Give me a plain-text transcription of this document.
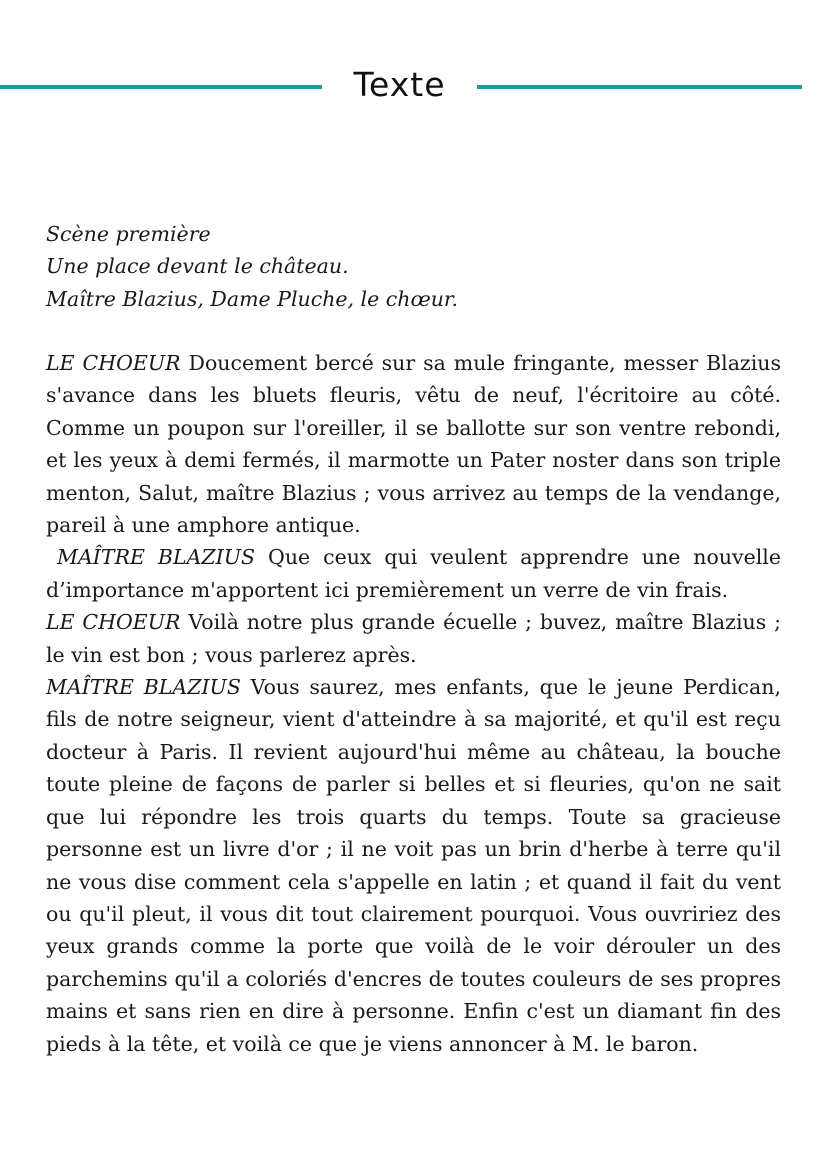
Texte
Scène première
Une place devant le château.
Maître Blazius, Dame Pluche, le chœur.

LE CHOEUR Doucement bercé sur sa mule fringante, messer Blazius s'avance dans les bluets fleuris, vêtu de neuf, l'écritoire au côté. Comme un poupon sur l'oreiller, il se ballotte sur son ventre rebondi, et les yeux à demi fermés, il marmotte un Pater noster dans son triple menton, Salut, maître Blazius ; vous arrivez au temps de la vendange, pareil à une amphore antique.

MAÎTRE BLAZIUS Que ceux qui veulent apprendre une nouvelle d’importance m'apportent ici premièrement un verre de vin frais.

LE CHOEUR Voilà notre plus grande écuelle ; buvez, maître Blazius ; le vin est bon ; vous parlerez après.

MAÎTRE BLAZIUS Vous saurez, mes enfants, que le jeune Perdican, fils de notre seigneur, vient d'atteindre à sa majorité, et qu'il est reçu docteur à Paris. Il revient aujourd'hui même au château, la bouche toute pleine de façons de parler si belles et si fleuries, qu'on ne sait que lui répondre les trois quarts du temps. Toute sa gracieuse personne est un livre d'or ; il ne voit pas un brin d'herbe à terre qu'il ne vous dise comment cela s'appelle en latin ; et quand il fait du vent ou qu'il pleut, il vous dit tout clairement pourquoi. Vous ouvririez des yeux grands comme la porte que voilà de le voir dérouler un des parchemins qu'il a coloriés d'encres de toutes couleurs de ses propres mains et sans rien en dire à personne. Enfin c'est un diamant fin des pieds à la tête, et voilà ce que je viens annoncer à M. le baron.
